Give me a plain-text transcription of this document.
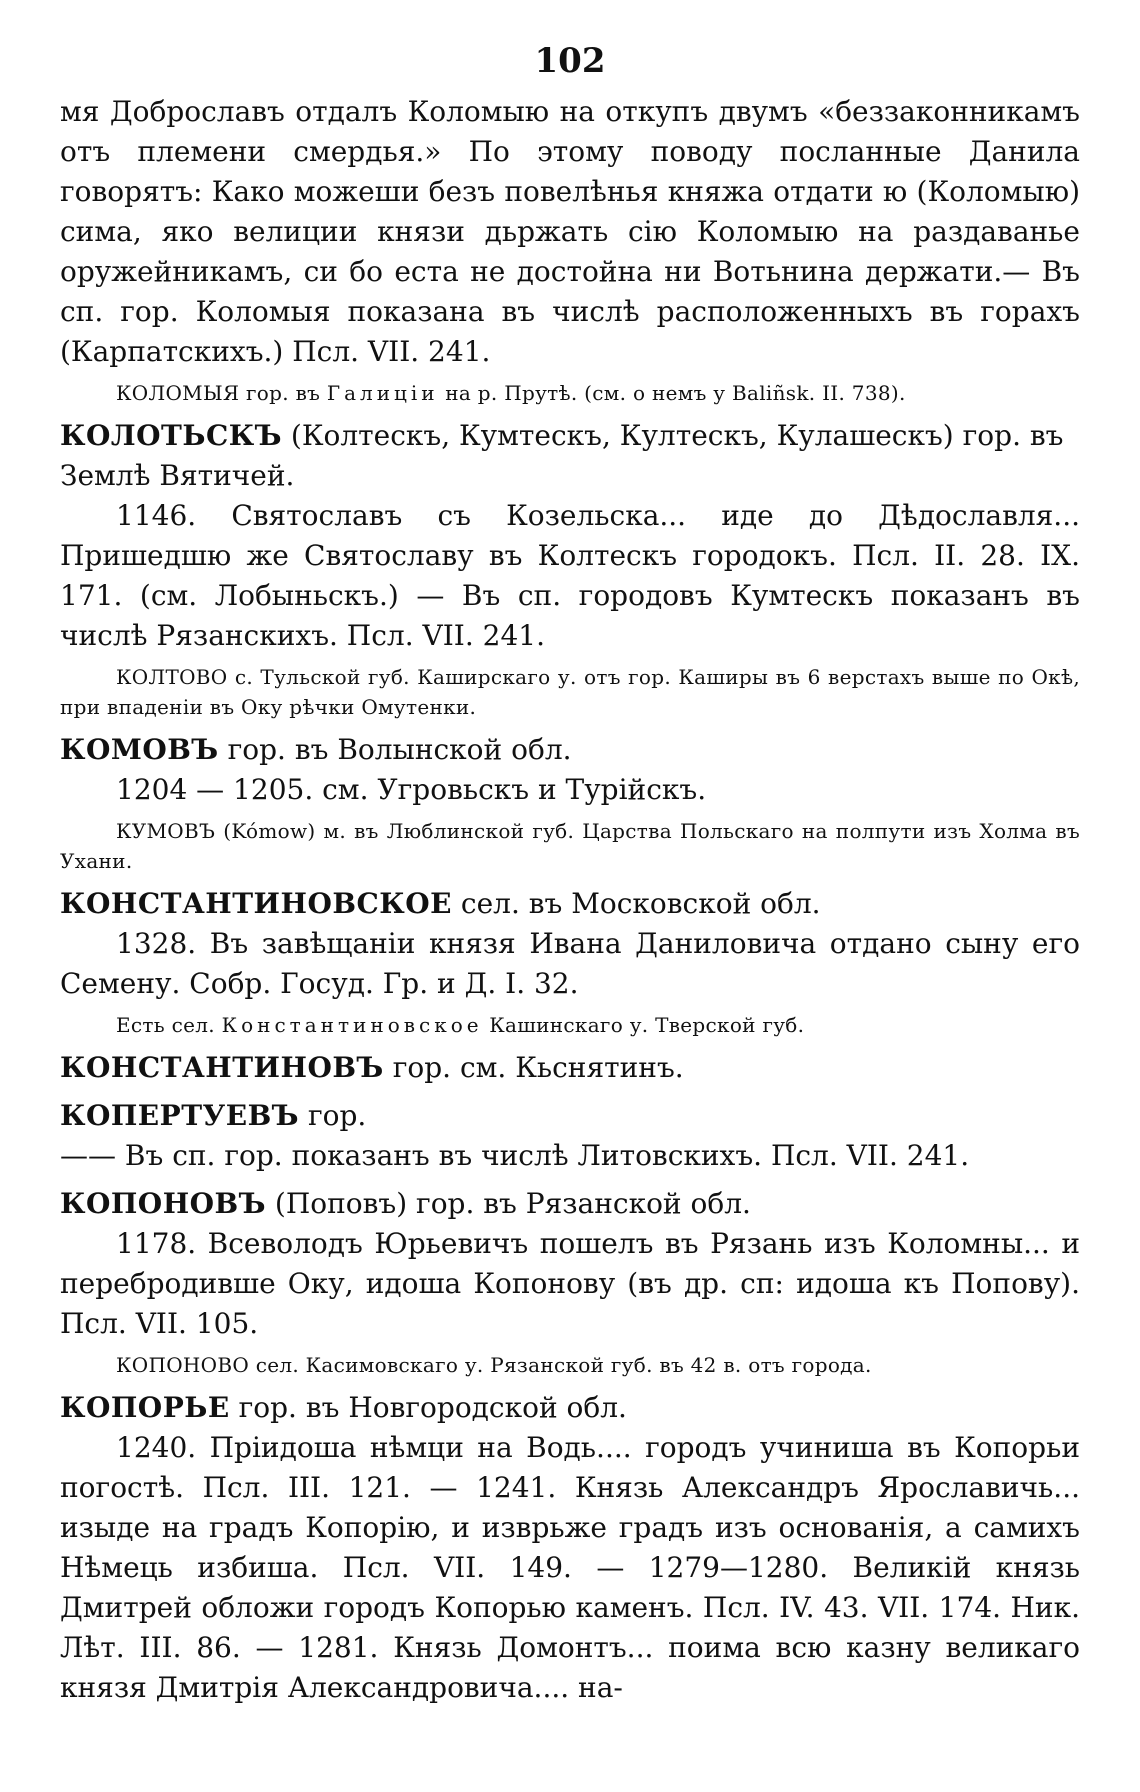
102

мя Доброславъ отдалъ Коломыю на откупъ двумъ «беззаконникамъ отъ племени смердья.» По этому поводу посланные Данила говорятъ: Како можеши безъ повелѣнья княжа отдати ю (Коломыю) сима, яко велиции князи дьржать сію Коломыю на раздаванье оружейникамъ, си бо еста не достойна ни Вотьнина держати.— Въ сп. гор. Коломыя показана въ числѣ расположенныхъ въ горахъ (Карпатскихъ.) Псл. VII. 241.

КОЛОМЫЯ гор. въ Галиціи на р. Прутѣ. (см. о немъ у Baliñsk. II. 738).

КОЛОТЬСКЪ (Колтескъ, Кумтескъ, Култескъ, Кулашескъ) гор. въ Землѣ Вятичей.

1146. Святославъ съ Козельска... иде до Дѣдославля... Пришедшю же Святославу въ Колтескъ городокъ. Псл. II. 28. IX. 171. (см. Лобыньскъ.) — Въ сп. городовъ Кумтескъ показанъ въ числѣ Рязанскихъ. Псл. VII. 241.

КОЛТОВО с. Тульской губ. Каширскаго у. отъ гор. Каширы въ 6 верстахъ выше по Окѣ, при впаденіи въ Оку рѣчки Омутенки.

КОМОВЪ гор. въ Волынской обл.

1204 — 1205. см. Угровьскъ и Турійскъ.

КУМОВЪ (Kómow) м. въ Люблинской губ. Царства Польскаго на полпути изъ Холма въ Ухани.

КОНСТАНТИНОВСКОЕ сел. въ Московской обл.

1328. Въ завѣщаніи князя Ивана Даниловича отдано сыну его Семену. Собр. Госуд. Гр. и Д. I. 32.

Есть сел. Константиновское Кашинскаго у. Тверской губ.

КОНСТАНТИНОВЪ гор. см. Кьснятинъ.

КОПЕРТУЕВЪ гор.

—— Въ сп. гор. показанъ въ числѣ Литовскихъ. Псл. VII. 241.

КОПОНОВЪ (Поповъ) гор. въ Рязанской обл.

1178. Всеволодъ Юрьевичъ пошелъ въ Рязань изъ Коломны... и перебродивше Оку, идоша Копонову (въ др. сп: идоша къ Попову). Псл. VII. 105.

КОПОНОВО сел. Касимовскаго у. Рязанской губ. въ 42 в. отъ города.

КОПОРЬЕ гор. въ Новгородской обл.

1240. Пріидоша нѣмци на Водь.... городъ учиниша въ Копорьи погостѣ. Псл. III. 121. — 1241. Князь Александръ Ярославичь... изыде на градъ Копорію, и изврьже градъ изъ основанія, а самихъ Нѣмець избиша. Псл. VII. 149. — 1279—1280. Великій князь Дмитрей обложи городъ Копорью каменъ. Псл. IV. 43. VII. 174. Ник. Лѣт. III. 86. — 1281. Князь Домонтъ... поима всю казну великаго князя Дмитрія Александровича.... на-
